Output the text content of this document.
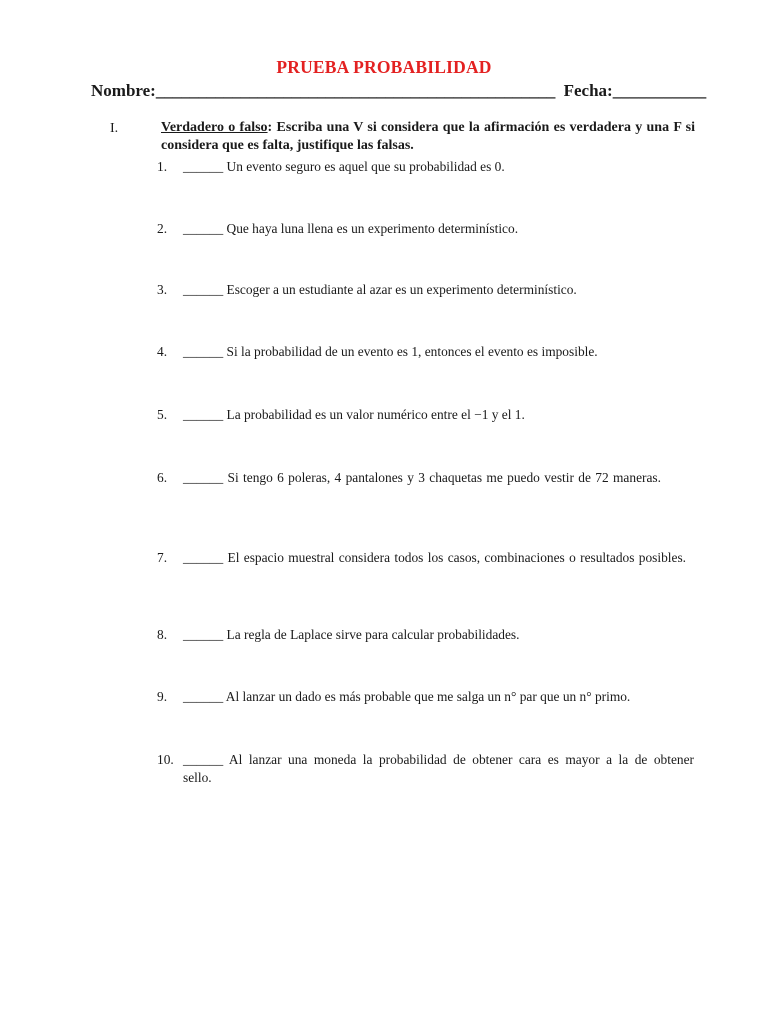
PRUEBA PROBABILIDAD
Nombre:_______________________________________________ Fecha:___________
I.	Verdadero o falso: Escriba una V si considera que la afirmación es verdadera y una F si considera que es falta, justifique las falsas.
1.	______ Un evento seguro es aquel que su probabilidad es 0.
2.	______ Que haya luna llena es un experimento determinístico.
3.	______ Escoger a un estudiante al azar es un experimento determinístico.
4.	______ Si la probabilidad de un evento es 1, entonces el evento es imposible.
5.	______ La probabilidad es un valor numérico entre el −1 y el 1.
6.	______ Si tengo 6 poleras, 4 pantalones y 3 chaquetas me puedo vestir de 72 maneras.
7.	______ El espacio muestral considera todos los casos, combinaciones o resultados posibles.
8.	______ La regla de Laplace sirve para calcular probabilidades.
9.	______ Al lanzar un dado es más probable que me salga un n° par que un n° primo.
10. ______ Al lanzar una moneda la probabilidad de obtener cara es mayor a la de obtener sello.
